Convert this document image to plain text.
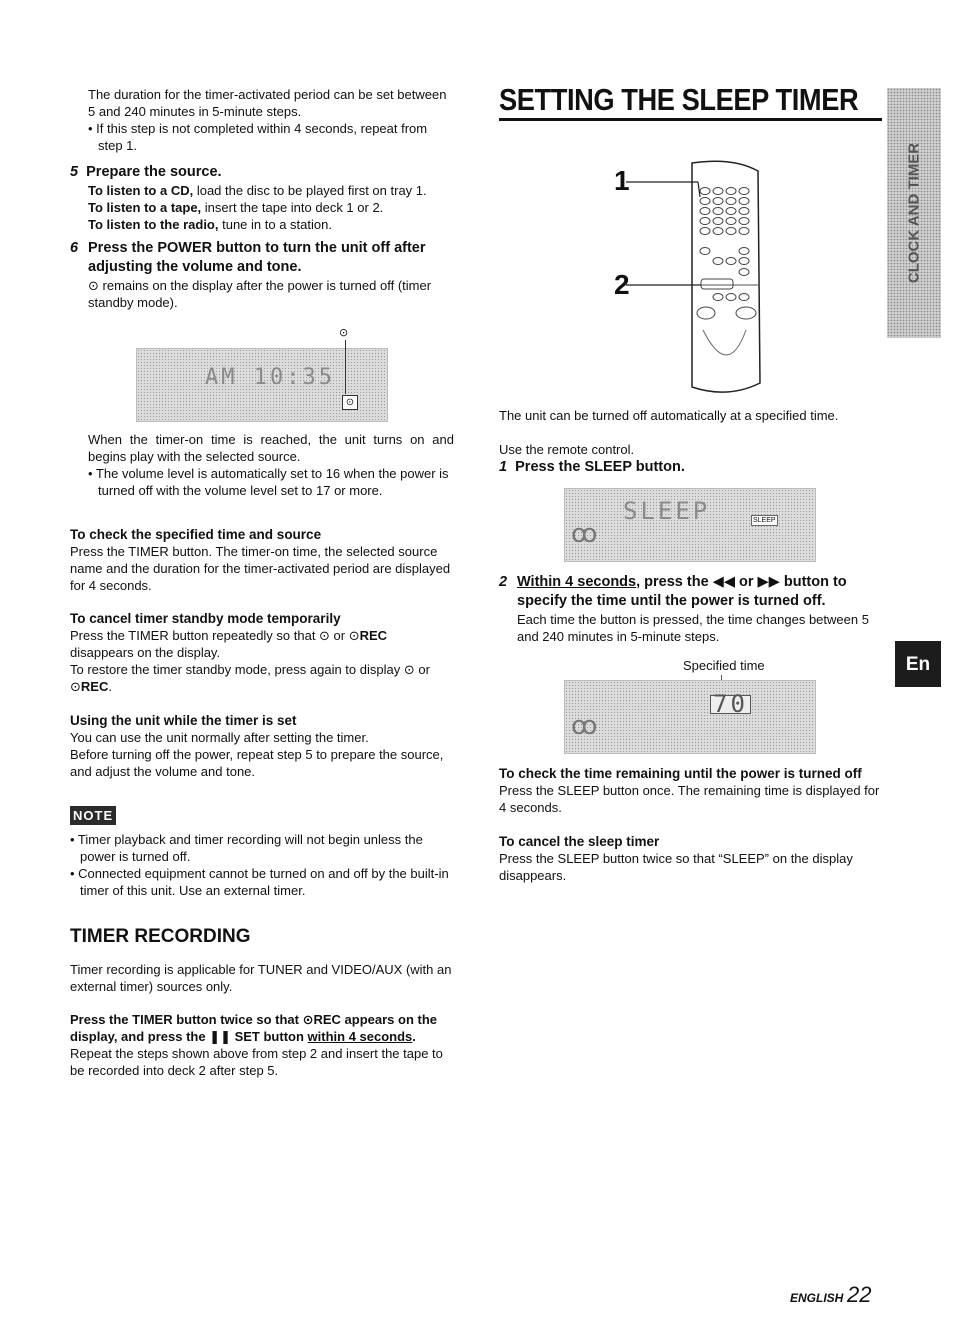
The duration for the timer-activated period can be set between 5 and 240 minutes in 5-minute steps.

• If this step is not completed within 4 seconds, repeat from step 1.

5 Prepare the source.

To listen to a CD, load the disc to be played first on tray 1.

To listen to a tape, insert the tape into deck 1 or 2.

To listen to the radio, tune in to a station.

6 Press the POWER button to turn the unit off after adjusting the volume and tone.

⊙ remains on the display after the power is turned off (timer standby mode).

AM 10:35
⊙
⊙

When the timer-on time is reached, the unit turns on and begins play with the selected source.

• The volume level is automatically set to 16 when the power is turned off with the volume level set to 17 or more.

To check the specified time and source

Press the TIMER button. The timer-on time, the selected source name and the duration for the timer-activated period are displayed for 4 seconds.

To cancel timer standby mode temporarily

Press the TIMER button repeatedly so that ⊙ or ⊙REC

disappears on the display.

To restore the timer standby mode, press again to display ⊙ or ⊙REC.

Using the unit while the timer is set

You can use the unit normally after setting the timer.

Before turning off the power, repeat step 5 to prepare the source, and adjust the volume and tone.

NOTE

• Timer playback and timer recording will not begin unless the power is turned off.

• Connected equipment cannot be turned on and off by the built-in timer of this unit. Use an external timer.

TIMER RECORDING

Timer recording is applicable for TUNER and VIDEO/AUX (with an external timer) sources only.

Press the TIMER button twice so that ⊙REC appears on the display, and press the ❚❚ SET button within 4 seconds.

Repeat the steps shown above from step 2 and insert the tape to be recorded into deck 2 after step 5.

SETTING THE SLEEP TIMER
1
2

The unit can be turned off automatically at a specified time.

Use the remote control.

1 Press the SLEEP button.

SLEEP	SLEEP
ꝏ
2 Within 4 seconds, press the ◀◀ or ▶▶ button to specify the time until the power is turned off.

Each time the button is pressed, the time changes between 5 and 240 minutes in 5-minute steps.

Specified time

70
ꝏ

To check the time remaining until the power is turned off

Press the SLEEP button once. The remaining time is displayed for 4 seconds.

To cancel the sleep timer

Press the SLEEP button twice so that “SLEEP” on the display disappears.

CLOCK AND TIMER
En
ENGLISH 22
